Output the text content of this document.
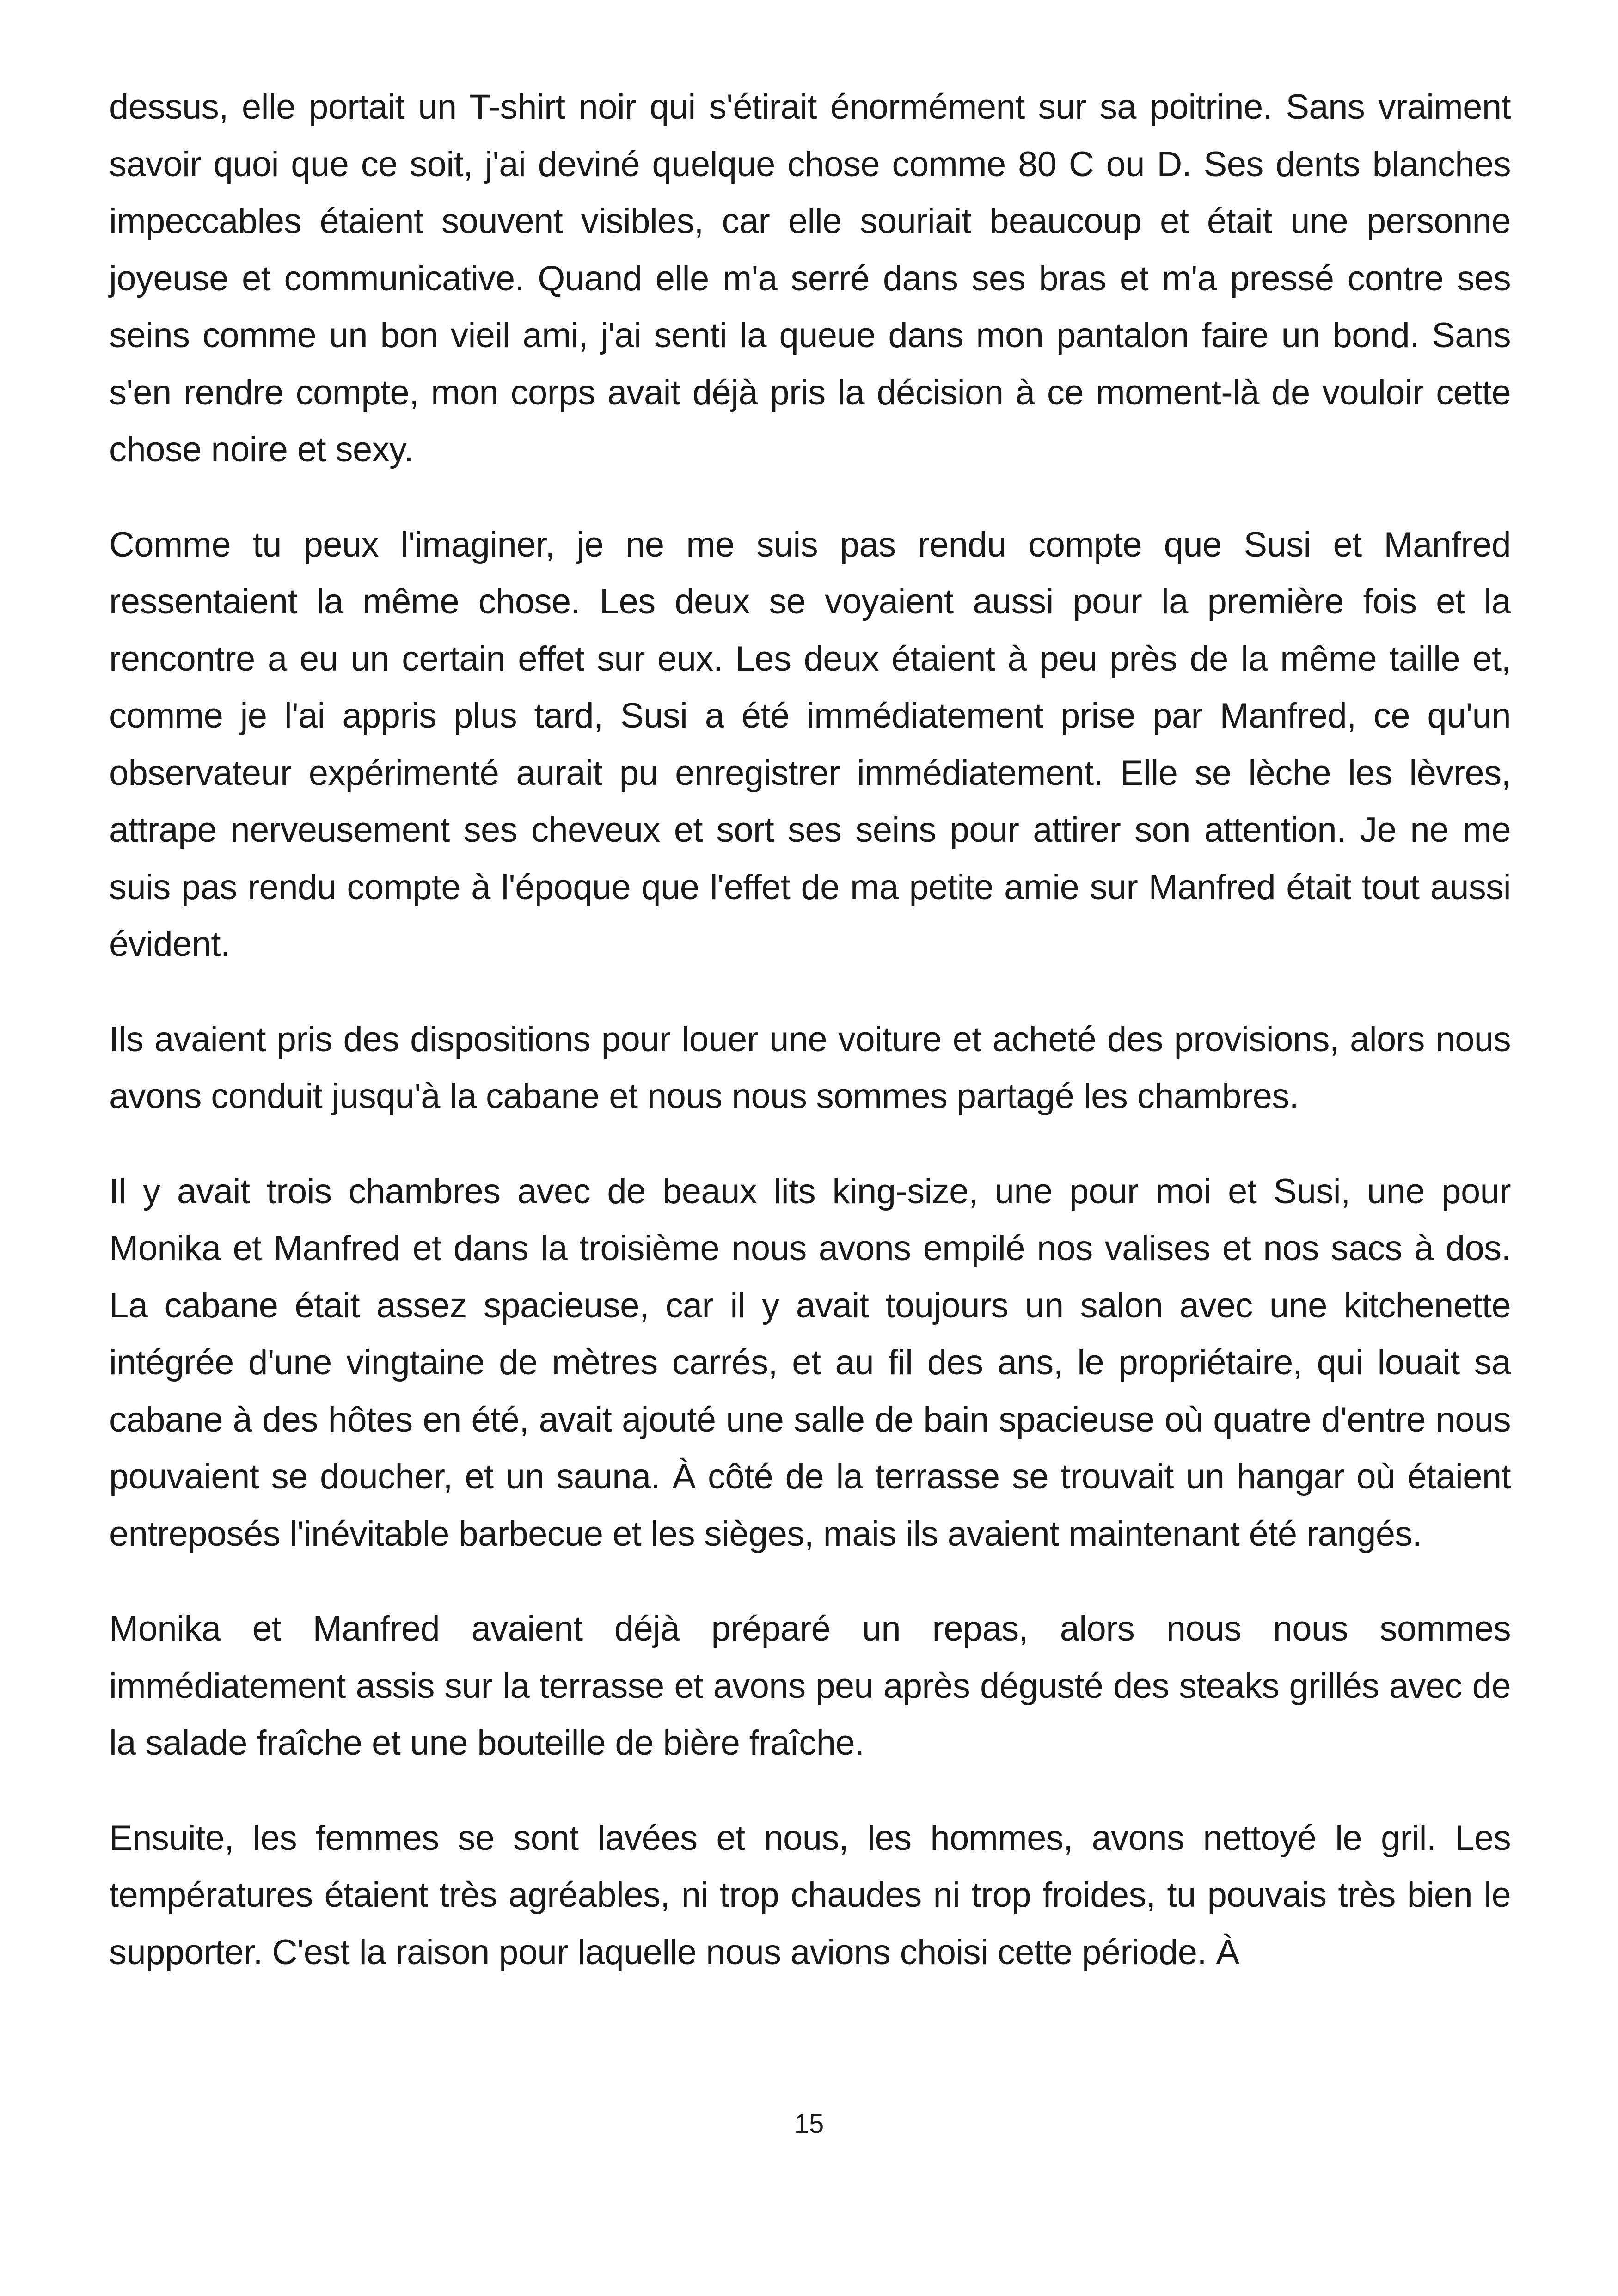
dessus, elle portait un T-shirt noir qui s'étirait énormément sur sa poitrine. Sans vraiment savoir quoi que ce soit, j'ai deviné quelque chose comme 80 C ou D. Ses dents blanches impeccables étaient souvent visibles, car elle souriait beaucoup et était une personne joyeuse et communicative. Quand elle m'a serré dans ses bras et m'a pressé contre ses seins comme un bon vieil ami, j'ai senti la queue dans mon pantalon faire un bond. Sans s'en rendre compte, mon corps avait déjà pris la décision à ce moment-là de vouloir cette chose noire et sexy.

Comme tu peux l'imaginer, je ne me suis pas rendu compte que Susi et Manfred ressentaient la même chose. Les deux se voyaient aussi pour la première fois et la rencontre a eu un certain effet sur eux. Les deux étaient à peu près de la même taille et, comme je l'ai appris plus tard, Susi a été immédiatement prise par Manfred, ce qu'un observateur expérimenté aurait pu enregistrer immédiatement. Elle se lèche les lèvres, attrape nerveusement ses cheveux et sort ses seins pour attirer son attention. Je ne me suis pas rendu compte à l'époque que l'effet de ma petite amie sur Manfred était tout aussi évident.

Ils avaient pris des dispositions pour louer une voiture et acheté des provisions, alors nous avons conduit jusqu'à la cabane et nous nous sommes partagé les chambres.

Il y avait trois chambres avec de beaux lits king-size, une pour moi et Susi, une pour Monika et Manfred et dans la troisième nous avons empilé nos valises et nos sacs à dos. La cabane était assez spacieuse, car il y avait toujours un salon avec une kitchenette intégrée d'une vingtaine de mètres carrés, et au fil des ans, le propriétaire, qui louait sa cabane à des hôtes en été, avait ajouté une salle de bain spacieuse où quatre d'entre nous pouvaient se doucher, et un sauna. À côté de la terrasse se trouvait un hangar où étaient entreposés l'inévitable barbecue et les sièges, mais ils avaient maintenant été rangés.

Monika et Manfred avaient déjà préparé un repas, alors nous nous sommes immédiatement assis sur la terrasse et avons peu après dégusté des steaks grillés avec de la salade fraîche et une bouteille de bière fraîche.

Ensuite, les femmes se sont lavées et nous, les hommes, avons nettoyé le gril. Les températures étaient très agréables, ni trop chaudes ni trop froides, tu pouvais très bien le supporter. C'est la raison pour laquelle nous avions choisi cette période. À

15
